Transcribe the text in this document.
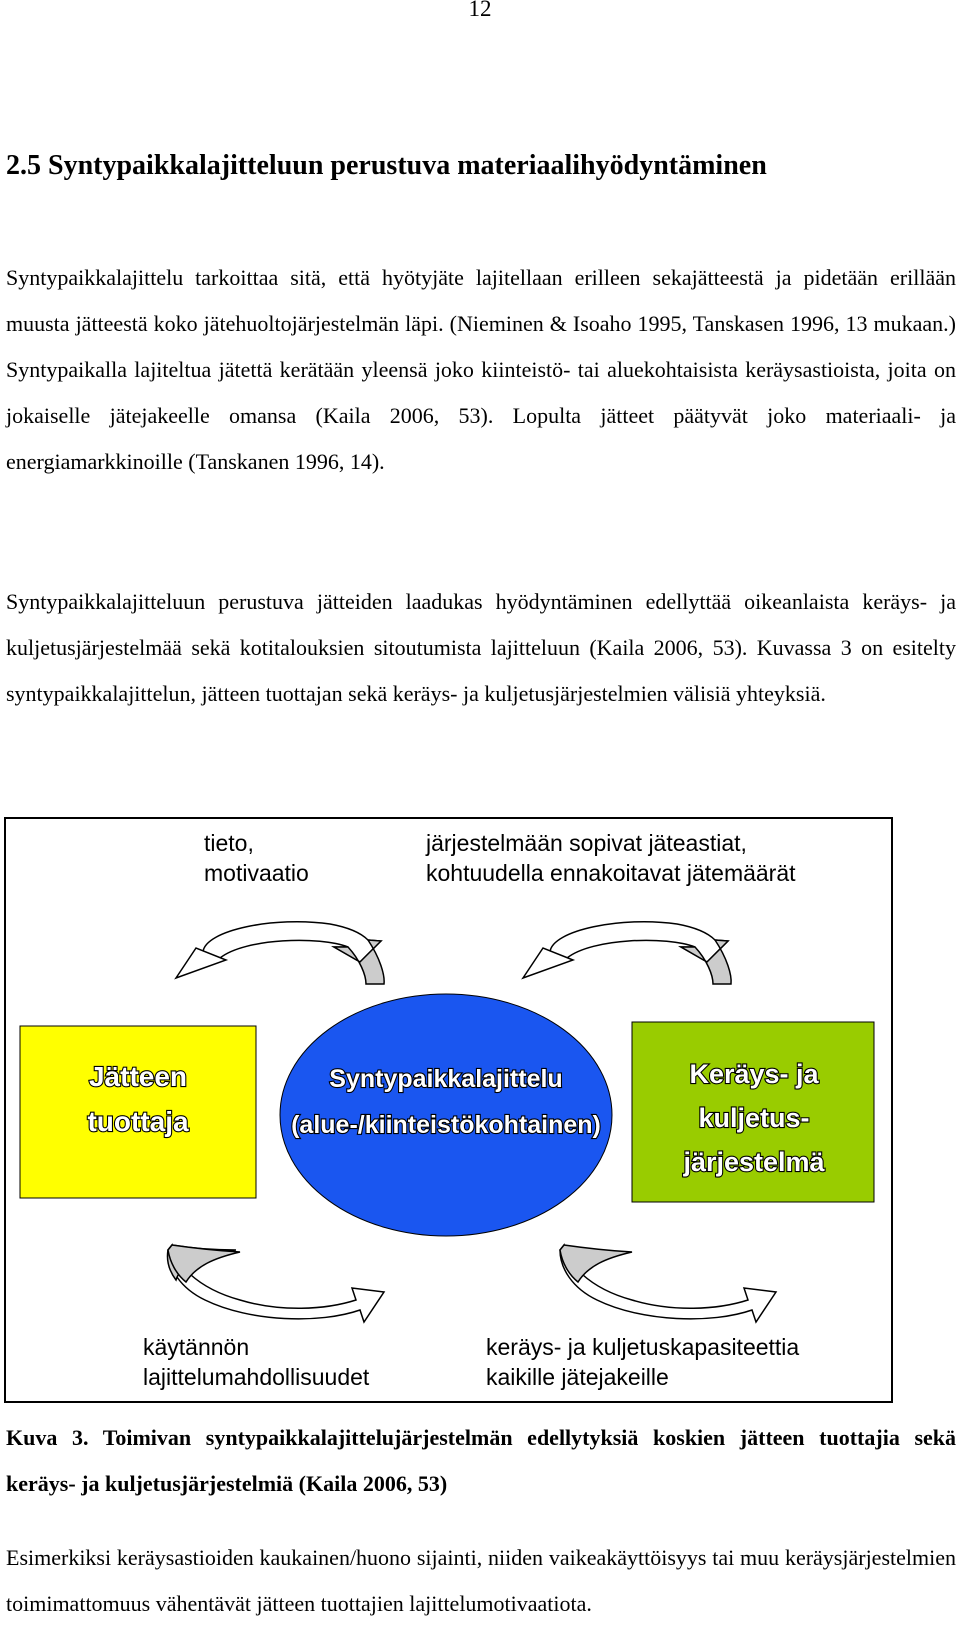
12
2.5 Syntypaikkalajitteluun perustuva materiaalihyödyntäminen

Syntypaikkalajittelu tarkoittaa sitä, että hyötyjäte lajitellaan erilleen sekajätteestä ja pidetään erillään muusta jätteestä koko jätehuoltojärjestelmän läpi. (Nieminen & Isoaho 1995, Tanskasen 1996, 13 mukaan.) Syntypaikalla lajiteltua jätettä kerätään yleensä joko kiinteistö- tai aluekohtaisista keräysastioista, joita on jokaiselle jätejakeelle omansa (Kaila 2006, 53). Lopulta jätteet päätyvät joko materiaali- ja energiamarkkinoille (Tanskanen 1996, 14).

Syntypaikkalajitteluun perustuva jätteiden laadukas hyödyntäminen edellyttää oikeanlaista keräys- ja kuljetusjärjestelmää sekä kotitalouksien sitoutumista lajitteluun (Kaila 2006, 53). Kuvassa 3 on esitelty syntypaikkalajittelun, jätteen tuottajan sekä keräys- ja kuljetusjärjestelmien välisiä yhteyksiä.

Jätteen
tuottaja
Syntypaikkalajittelu
(alue-/kiinteistökohtainen)
Keräys- ja
kuljetus-
järjestelmä
tieto,
motivaatio
järjestelmään sopivat jäteastiat,
kohtuudella ennakoitavat jätemäärät
käytännön
lajittelumahdollisuudet
keräys- ja kuljetuskapasiteettia
kaikille jätejakeille

Kuva 3. Toimivan syntypaikkalajittelujärjestelmän edellytyksiä koskien jätteen tuottajia sekä keräys- ja kuljetusjärjestelmiä (Kaila 2006, 53)

Esimerkiksi keräysastioiden kaukainen/huono sijainti, niiden vaikeakäyttöisyys tai muu keräysjärjestelmien toimimattomuus vähentävät jätteen tuottajien lajittelumotivaatiota.
